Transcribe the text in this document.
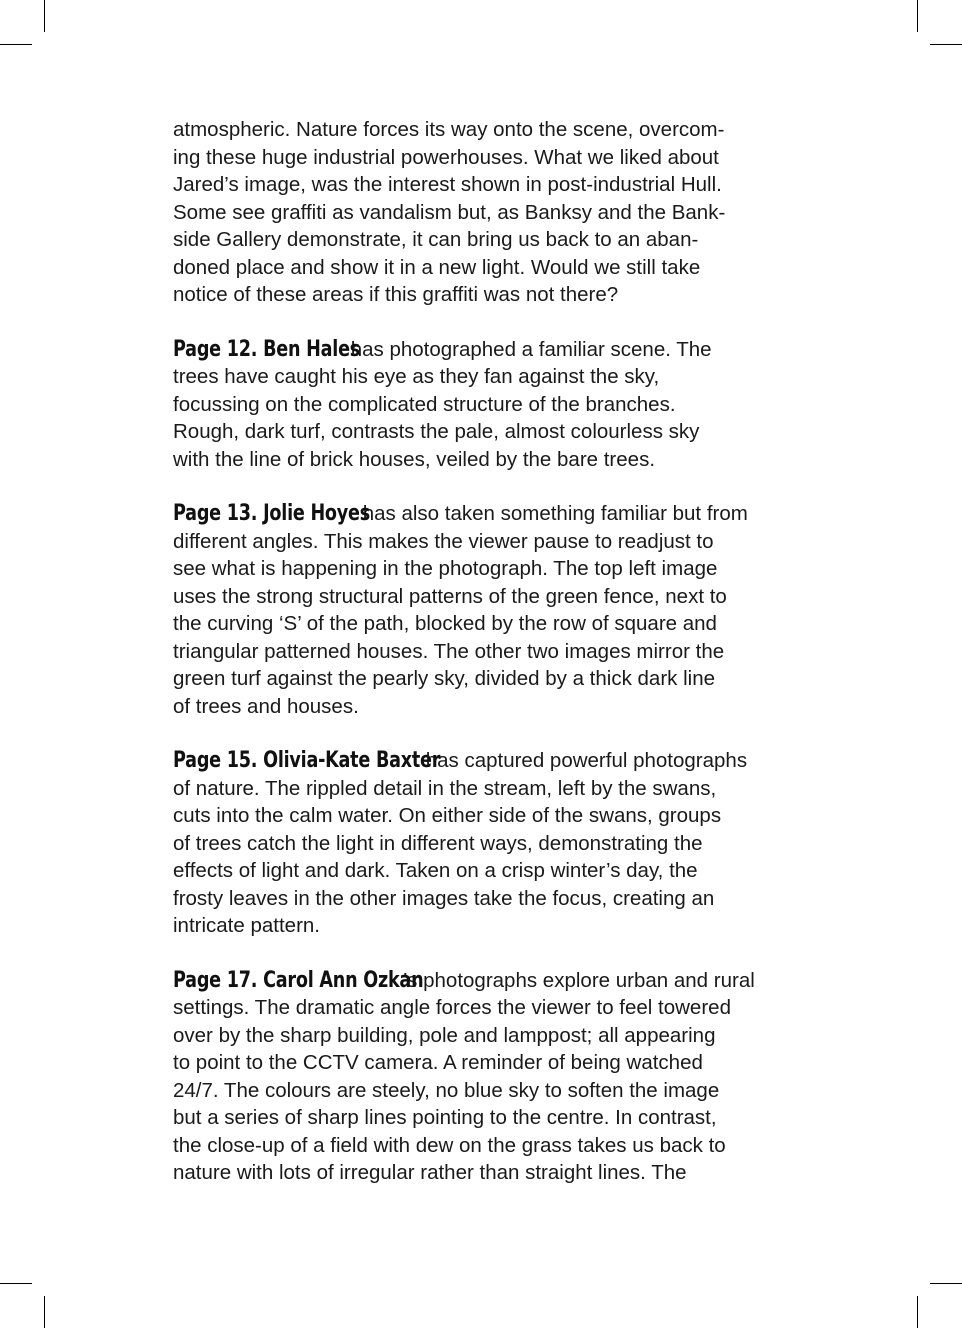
atmospheric. Nature forces its way onto the scene, overcom-
ing these huge industrial powerhouses. What we liked about
Jared’s image, was the interest shown in post-industrial Hull.
Some see graffiti as vandalism but, as Banksy and the Bank-
side Gallery demonstrate, it can bring us back to an aban-
doned place and show it in a new light. Would we still take
notice of these areas if this graffiti was not there?
Page 12. Ben Hales has photographed a familiar scene. The
trees have caught his eye as they fan against the sky,
focussing on the complicated structure of the branches.
Rough, dark turf, contrasts the pale, almost colourless sky
with the line of brick houses, veiled by the bare trees.
Page 13. Jolie Hoyes has also taken something familiar but from
different angles. This makes the viewer pause to readjust to
see what is happening in the photograph. The top left image
uses the strong structural patterns of the green fence, next to
the curving ‘S’ of the path, blocked by the row of square and
triangular patterned houses. The other two images mirror the
green turf against the pearly sky, divided by a thick dark line
of trees and houses.
Page 15. Olivia-Kate Baxter has captured powerful photographs
of nature. The rippled detail in the stream, left by the swans,
cuts into the calm water. On either side of the swans, groups
of trees catch the light in different ways, demonstrating the
effects of light and dark. Taken on a crisp winter’s day, the
frosty leaves in the other images take the focus, creating an
intricate pattern.
Page 17. Carol Ann Ozkan’s photographs explore urban and rural
settings. The dramatic angle forces the viewer to feel towered
over by the sharp building, pole and lamppost; all appearing
to point to the CCTV camera. A reminder of being watched
24/7. The colours are steely, no blue sky to soften the image
but a series of sharp lines pointing to the centre. In contrast,
the close-up of a field with dew on the grass takes us back to
nature with lots of irregular rather than straight lines. The
